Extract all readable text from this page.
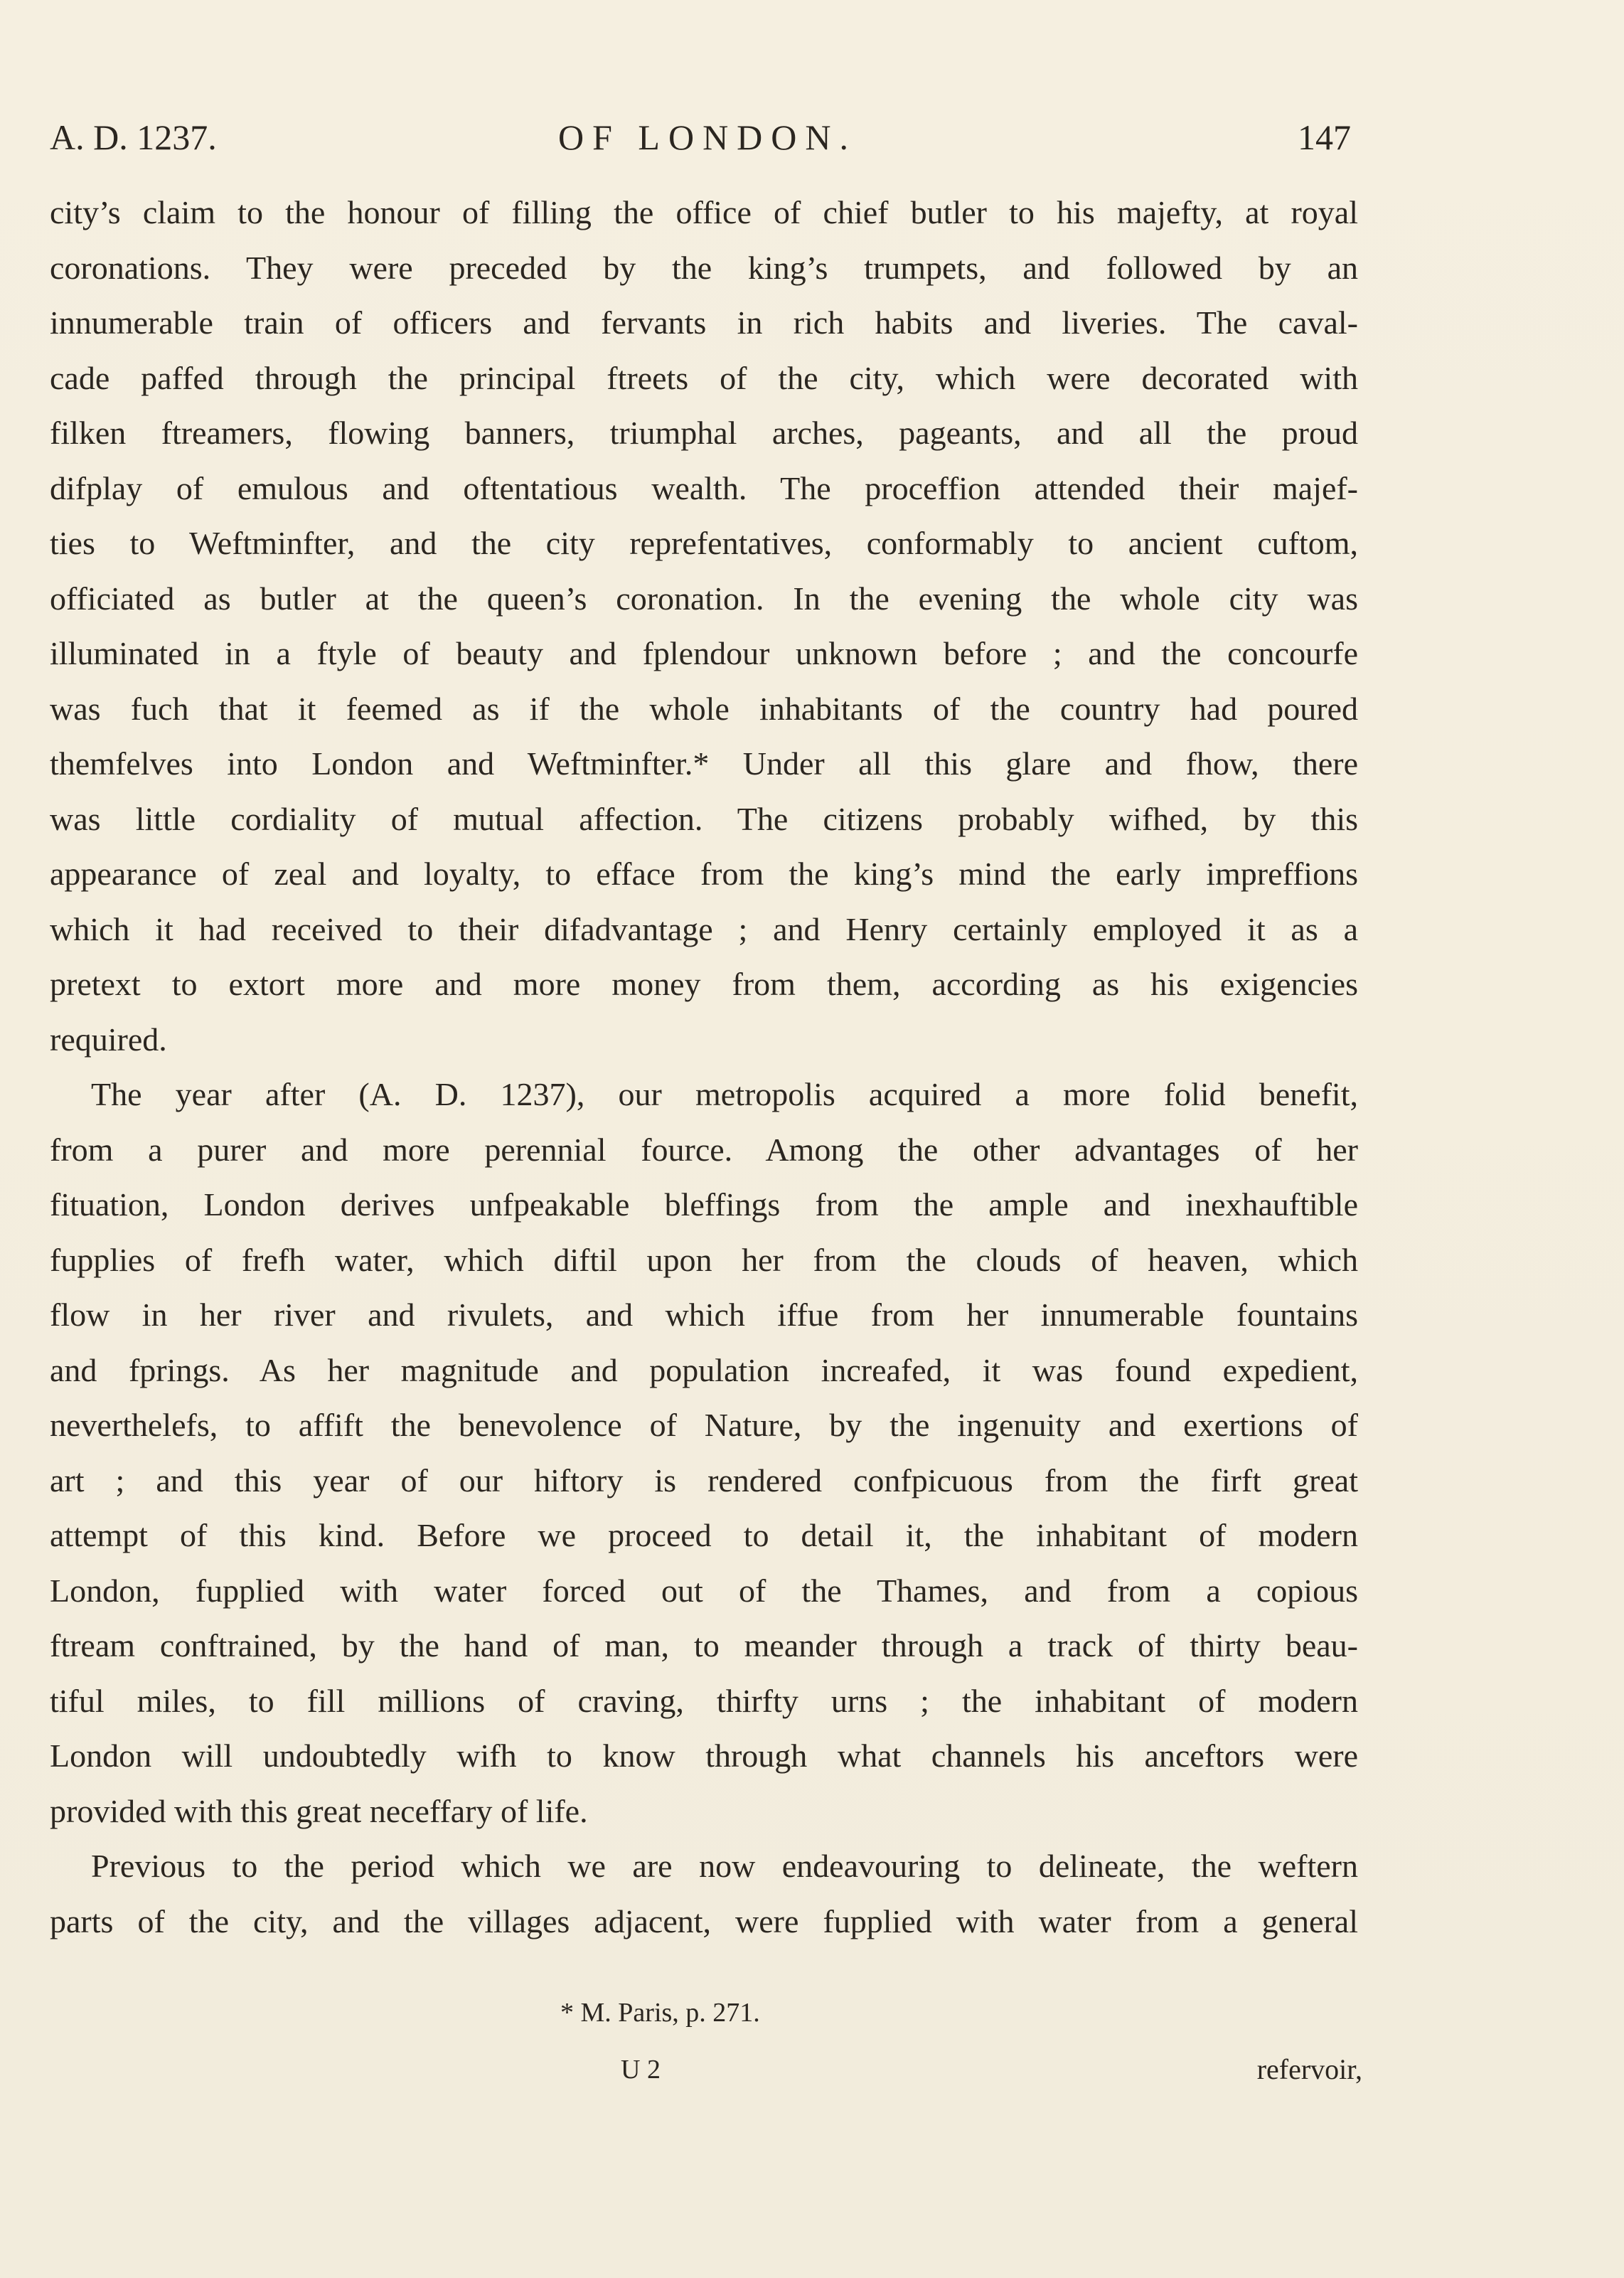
A. D. 1237.	OF LONDON.	147
city’s claim to the honour of filling the office of chief butler to his majefty, at royal
coronations. They were preceded by the king’s trumpets, and followed by an
innumerable train of officers and fervants in rich habits and liveries. The caval-
cade paffed through the principal ftreets of the city, which were decorated with
filken ftreamers, flowing banners, triumphal arches, pageants, and all the proud
difplay of emulous and oftentatious wealth. The proceffion attended their majef-
ties to Weftminfter, and the city reprefentatives, conformably to ancient cuftom,
officiated as butler at the queen’s coronation. In the evening the whole city was
illuminated in a ftyle of beauty and fplendour unknown before ; and the concourfe
was fuch that it feemed as if the whole inhabitants of the country had poured
themfelves into London and Weftminfter.* Under all this glare and fhow, there
was little cordiality of mutual affection. The citizens probably wifhed, by this
appearance of zeal and loyalty, to efface from the king’s mind the early impreffions
which it had received to their difadvantage ; and Henry certainly employed it as a
pretext to extort more and more money from them, according as his exigencies
required.
The year after (A. D. 1237), our metropolis acquired a more folid benefit,
from a purer and more perennial fource. Among the other advantages of her
fituation, London derives unfpeakable bleffings from the ample and inexhauftible
fupplies of frefh water, which diftil upon her from the clouds of heaven, which
flow in her river and rivulets, and which iffue from her innumerable fountains
and fprings. As her magnitude and population increafed, it was found expedient,
neverthelefs, to affift the benevolence of Nature, by the ingenuity and exertions of
art ; and this year of our hiftory is rendered confpicuous from the firft great
attempt of this kind. Before we proceed to detail it, the inhabitant of modern
London, fupplied with water forced out of the Thames, and from a copious
ftream conftrained, by the hand of man, to meander through a track of thirty beau-
tiful miles, to fill millions of craving, thirfty urns ; the inhabitant of modern
London will undoubtedly wifh to know through what channels his anceftors were
provided with this great neceffary of life.
Previous to the period which we are now endeavouring to delineate, the weftern
parts of the city, and the villages adjacent, were fupplied with water from a general
* M. Paris, p. 271.
U 2	refervoir,
